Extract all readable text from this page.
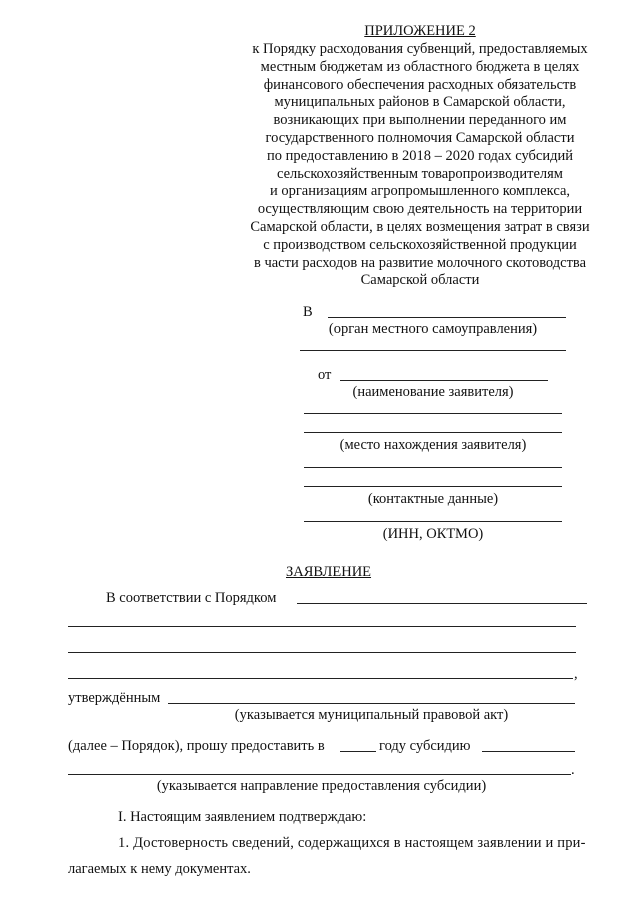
ПРИЛОЖЕНИЕ 2
к Порядку расходования субвенций, предоставляемых
местным бюджетам из областного бюджета в целях
финансового обеспечения расходных обязательств
муниципальных районов в Самарской области,
возникающих при выполнении переданного им
государственного полномочия Самарской области
по предоставлению в 2018 – 2020 годах субсидий
сельскохозяйственным товаропроизводителям
и организациям агропромышленного комплекса,
осуществляющим свою деятельность на территории
Самарской области, в целях возмещения затрат в связи
с производством сельскохозяйственной продукции
в части расходов на развитие молочного скотоводства
Самарской области
В
(орган местного самоуправления)
от
(наименование заявителя)
(место нахождения заявителя)
(контактные данные)
(ИНН, ОКТМО)
ЗАЯВЛЕНИЕ
В соответствии с Порядком
,
утверждённым
(указывается муниципальный правовой акт)
(далее – Порядок), прошу предоставить в	году субсидию
.
(указывается направление предоставления субсидии)
I. Настоящим заявлением подтверждаю:
1. Достоверность сведений, содержащихся в настоящем заявлении и при-
лагаемых к нему документах.
